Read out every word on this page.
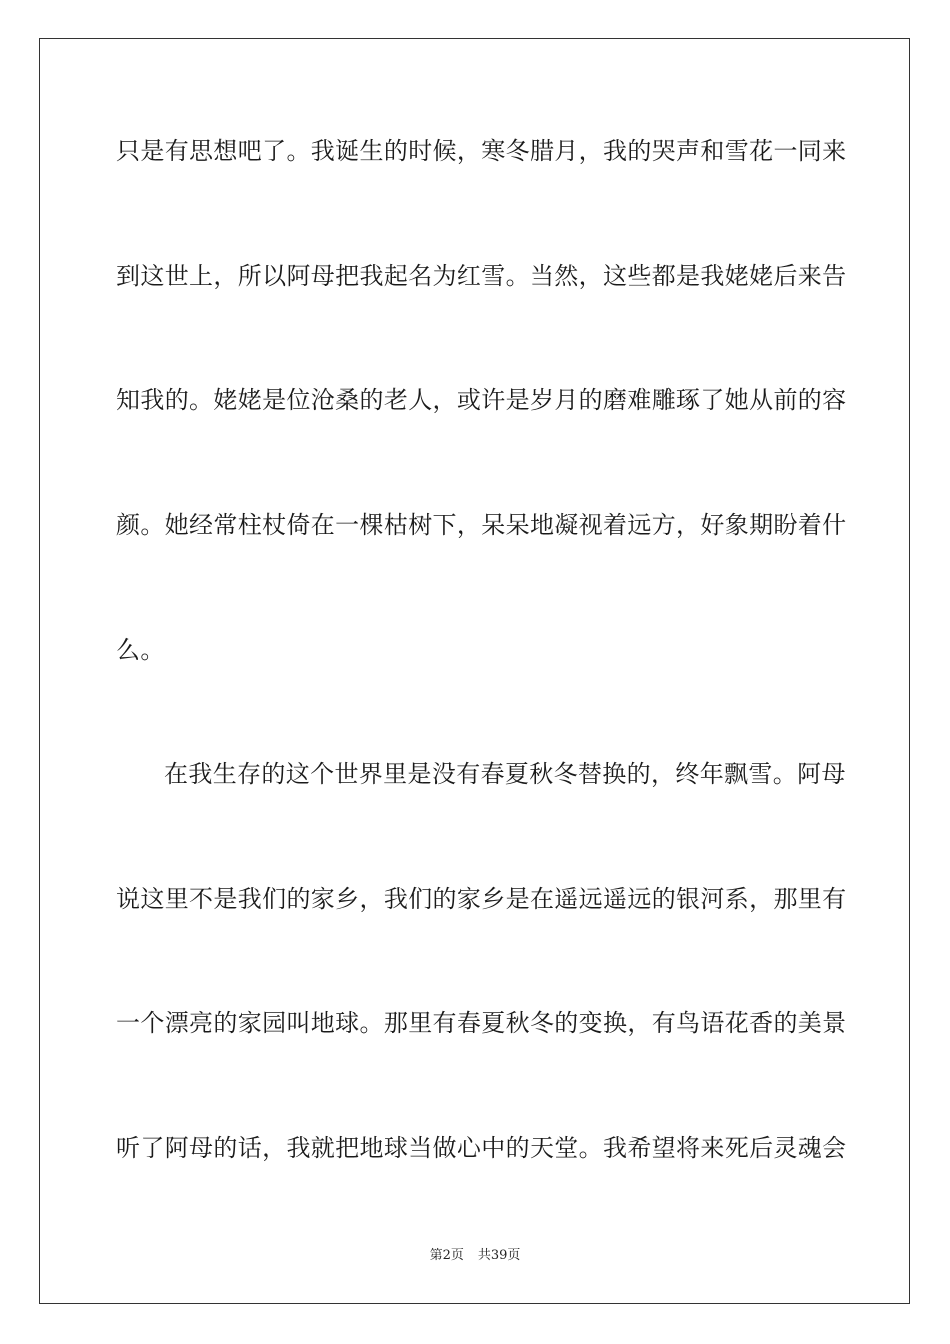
只是有思想吧了。我诞生的时候，寒冬腊月，我的哭声和雪花一同来
到这世上，所以阿母把我起名为红雪。当然，这些都是我姥姥后来告
知我的。姥姥是位沧桑的老人，或许是岁月的磨难雕琢了她从前的容
颜。她经常柱杖倚在一棵枯树下，呆呆地凝视着远方，好象期盼着什
么。
在我生存的这个世界里是没有春夏秋冬替换的，终年飘雪。阿母
说这里不是我们的家乡，我们的家乡是在遥远遥远的银河系，那里有
一个漂亮的家园叫地球。那里有春夏秋冬的变换，有鸟语花香的美景
听了阿母的话，我就把地球当做心中的天堂。我希望将来死后灵魂会
第2页 共39页
